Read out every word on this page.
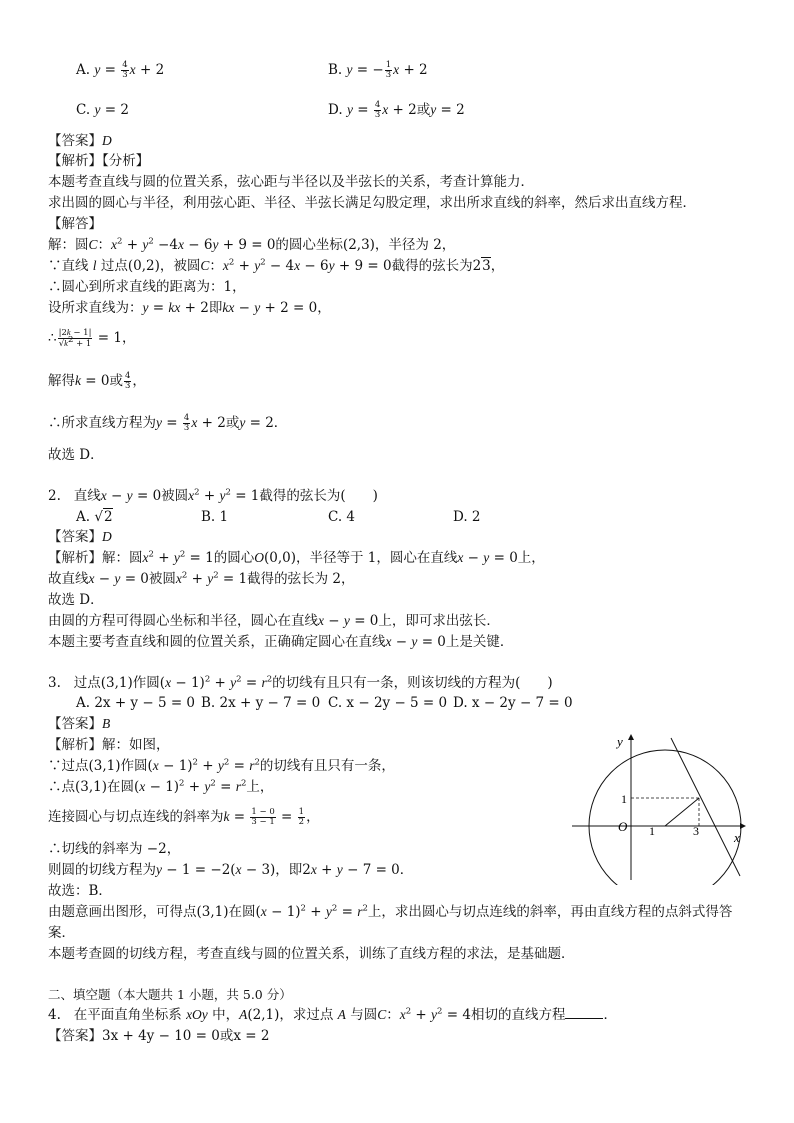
A. $y = \frac{4}{3}$ x + 2	B. y = − $\frac{1}{3}$ x + 2
C. y = 2	D. $y = \frac{4}{3}$ x + 2或y = 2
【答案】D
【解析】【分析】
本题考查直线与圆的位置关系，弦心距与半径以及半弦长的关系，考查计算能力．
求出圆的圆心与半径，利用弦心距、半径、半弦长满足勾股定理，求出所求直线的斜率，然后求出直线方程．
【解答】
解：圆C：$x^2 + y^2 -4x - 6y + 9 = 0$的圆心坐标(2,3)，半径为 2，
∵直线 l 过点(0,2)，被圆C：$x^2 + y^2 - 4x - 6y + 9 = 0$截得的弦长为23，
∴圆心到所求直线的距离为：1，
设所求直线为：y = kx + 2即kx − y + 2 = 0，
∴ $\frac{|2k - 1|}{√k2 + 1} = 1$，
解得k = 0或 $\frac{4}{3}$ ，
∴所求直线方程为$y = \frac{4}{3}$ x + 2或y = 2．
故选 D．
2. 直线x − y = 0被圆$x^2 + y^2 = 1$截得的弦长为(　　)
A. √2	B. 1	C. 4	D. 2
【答案】D
【解析】解：圆$x^2 + y^2 = 1$的圆心O(0,0)，半径等于 1，圆心在直线x − y = 0上，
故直线x − y = 0被圆$x^2 + y^2 = 1$截得的弦长为 2，
故选 D．
由圆的方程可得圆心坐标和半径，圆心在直线x − y = 0上，即可求出弦长．
本题主要考查直线和圆的位置关系，正确确定圆心在直线x − y = 0上是关键．
3. 过点(3,1)作圆$(x - 1)^2 + y^2 = r^2$的切线有且只有一条，则该切线的方程为(　　)
A. 2x + y − 5 = 0 B. 2x + y − 7 = 0 C. x − 2y − 5 = 0 D. x − 2y − 7 = 0
【答案】B
【解析】解：如图，
∵过点(3,1)作圆$(x - 1)^2 + y^2 = r^2$的切线有且只有一条，
∴点(3,1)在圆$(x - 1)^2 + y^2 = r^2$上，
连接圆心与切点连线的斜率为$k = \frac{1 - 0}{3 - 1} = \frac{1}{2}$ ，
∴切线的斜率为 −2，
则圆的切线方程为y − 1 = −2(x − 3)，即2x + y − 7 = 0．
故选：B．
由题意画出图形，可得点(3,1)在圆$(x - 1)^2 + y^2 = r^2$上，求出圆心与切点连线的斜率，再由直线方程的点斜式得答
案．
本题考查圆的切线方程，考查直线与圆的位置关系，训练了直线方程的求法，是基础题．
y
x
O 1	3
1
二、填空题（本大题共 1 小题，共 5.0 分）
4. 在平面直角坐标系 xOy 中，A(2,1)，求过点 A 与圆C：$x^2 + y^2 = 4$相切的直线方程	．
【答案】3x + 4y − 10 = 0或x = 2
